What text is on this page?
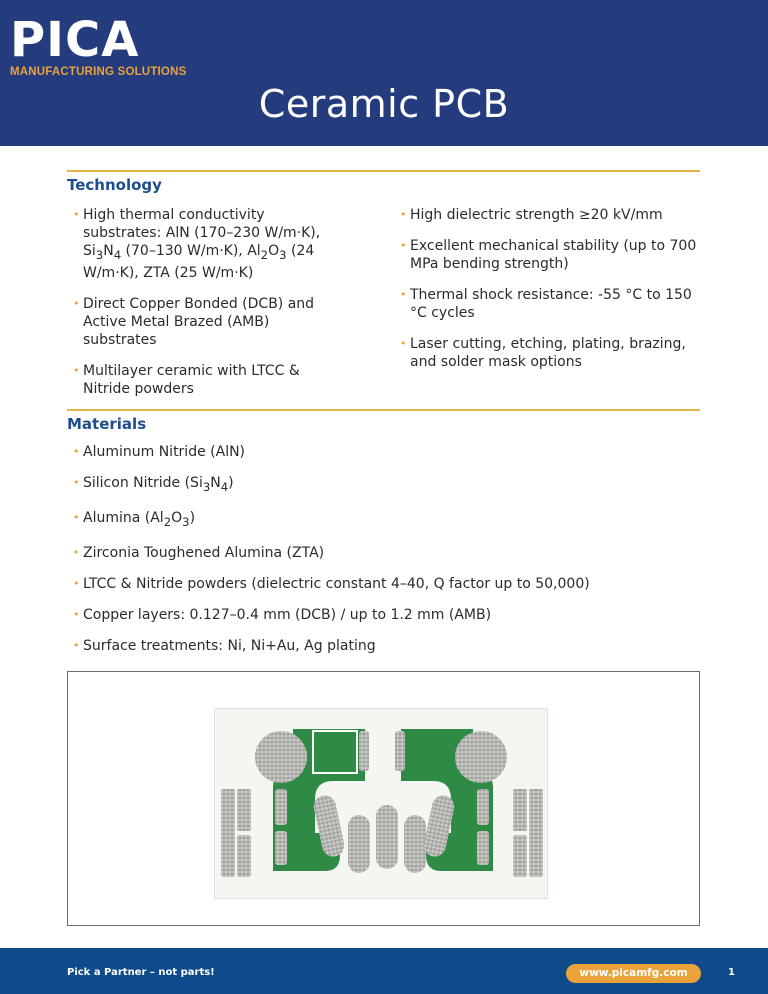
PICA
MANUFACTURING SOLUTIONS
Ceramic PCB
Technology
• High thermal conductivity substrates: AlN (170–230 W/m·K), $Si_3N_4$ (70–130 W/m·K), $Al_2O_3$ (24 W/m·K), ZTA (25 W/m·K)
• Direct Copper Bonded (DCB) and Active Metal Brazed (AMB) substrates
• Multilayer ceramic with LTCC & Nitride powders
• High dielectric strength ≥20 kV/mm
• Excellent mechanical stability (up to 700 MPa bending strength)
• Thermal shock resistance: -55 °C to 150 °C cycles
• Laser cutting, etching, plating, brazing, and solder mask options
Materials
• Aluminum Nitride (AlN)
• Silicon Nitride $(Si_3N_4)$
• Alumina $(Al_2O_3)$
• Zirconia Toughened Alumina (ZTA)
• LTCC & Nitride powders (dielectric constant 4–40, Q factor up to 50,000)
• Copper layers: 0.127–0.4 mm (DCB) / up to 1.2 mm (AMB)
• Surface treatments: Ni, Ni+Au, Ag plating
Pick a Partner – not parts!	www.picamfg.com	1
